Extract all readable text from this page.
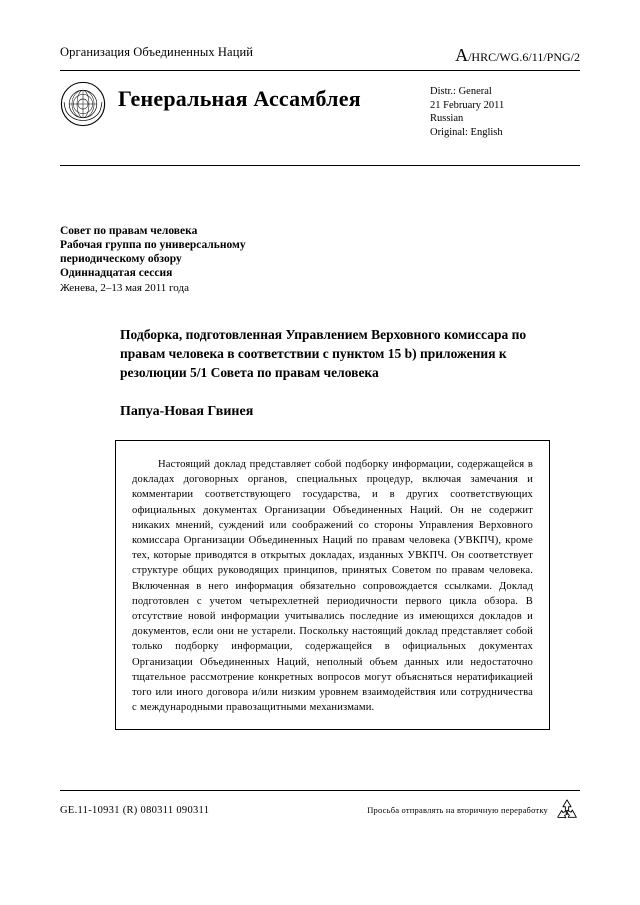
Организация Объединенных Наций	A/HRC/WG.6/11/PNG/2
Генеральная Ассамблея	Distr.: General
21 February 2011
Russian
Original: English
Совет по правам человека
Рабочая группа по универсальному
периодическому обзору
Одиннадцатая сессия
Женева, 2–13 мая 2011 года
Подборка, подготовленная Управлением Верховного комиссара по правам человека в соответствии с пунктом 15 b) приложения к резолюции 5/1 Совета по правам человека
Папуа-Новая Гвинея

Настоящий доклад представляет собой подборку информации, содержащейся в докладах договорных органов, специальных процедур, включая замечания и комментарии соответствующего государства, и в других соответствующих официальных документах Организации Объединенных Наций. Он не содержит никаких мнений, суждений или соображений со стороны Управления Верховного комиссара Организации Объединенных Наций по правам человека (УВКПЧ), кроме тех, которые приводятся в открытых докладах, изданных УВКПЧ. Он соответствует структуре общих руководящих принципов, принятых Советом по правам человека. Включенная в него информация обязательно сопровождается ссылками. Доклад подготовлен с учетом четырехлетней периодичности первого цикла обзора. В отсутствие новой информации учитывались последние из имеющихся докладов и документов, если они не устарели. Поскольку настоящий доклад представляет собой только подборку информации, содержащейся в официальных документах Организации Объединенных Наций, неполный объем данных или недостаточно тщательное рассмотрение конкретных вопросов могут объясняться нератификацией того или иного договора и/или низким уровнем взаимодействия или сотрудничества с международными правозащитными механизмами.

GE.11-10931 (R) 080311 090311	Просьба отправлять на вторичную переработку
